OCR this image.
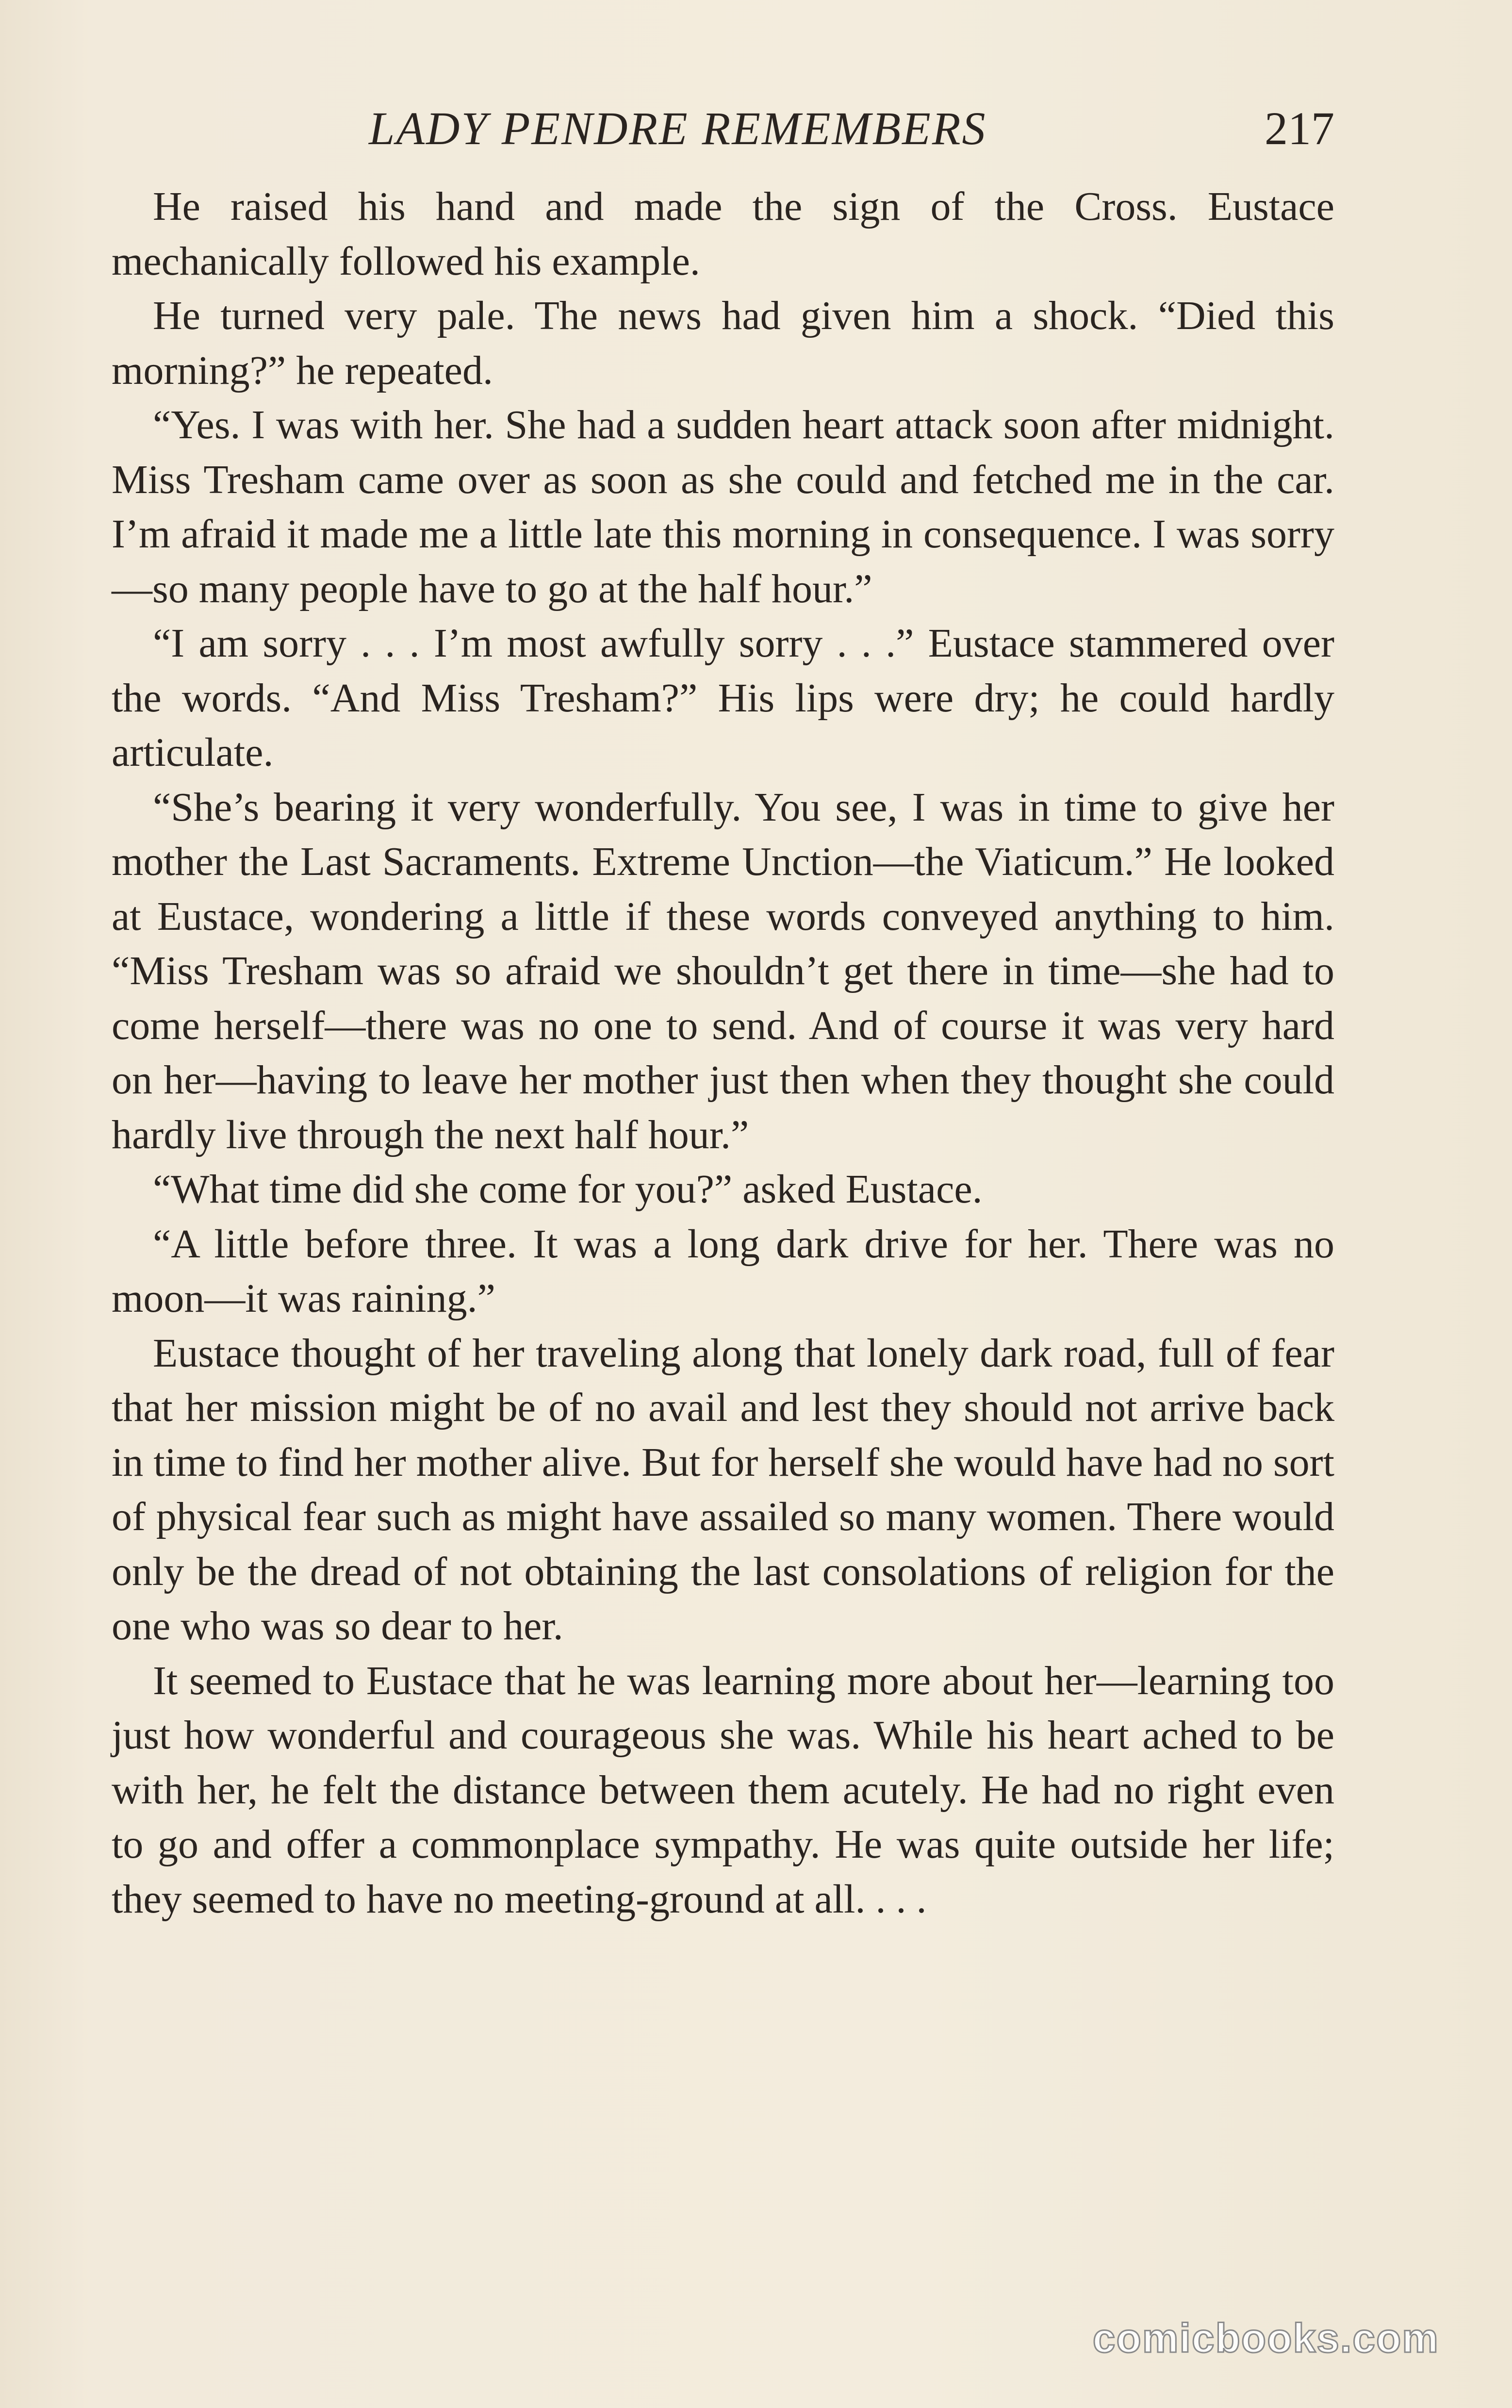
LADY PENDRE REMEMBERS	217

He raised his hand and made the sign of the Cross. Eustace mechanically followed his example.

He turned very pale. The news had given him a shock. “Died this morning?” he repeated.

“Yes. I was with her. She had a sudden heart attack soon after midnight. Miss Tresham came over as soon as she could and fetched me in the car. I’m afraid it made me a little late this morning in consequence. I was sorry—so many people have to go at the half hour.”

“I am sorry . . . I’m most awfully sorry . . .” Eustace stammered over the words. “And Miss Tresham?” His lips were dry; he could hardly articulate.

“She’s bearing it very wonderfully. You see, I was in time to give her mother the Last Sacraments. Extreme Unction—the Viaticum.” He looked at Eustace, wondering a little if these words conveyed anything to him. “Miss Tresham was so afraid we shouldn’t get there in time—she had to come herself—there was no one to send. And of course it was very hard on her—having to leave her mother just then when they thought she could hardly live through the next half hour.”

“What time did she come for you?” asked Eustace.

“A little before three. It was a long dark drive for her. There was no moon—it was raining.”

Eustace thought of her traveling along that lonely dark road, full of fear that her mission might be of no avail and lest they should not arrive back in time to find her mother alive. But for herself she would have had no sort of physical fear such as might have assailed so many women. There would only be the dread of not obtaining the last consolations of religion for the one who was so dear to her.

It seemed to Eustace that he was learning more about her—learning too just how wonderful and courageous she was. While his heart ached to be with her, he felt the distance between them acutely. He had no right even to go and offer a commonplace sympathy. He was quite outside her life; they seemed to have no meeting-ground at all. . . .

comicbooks.com
